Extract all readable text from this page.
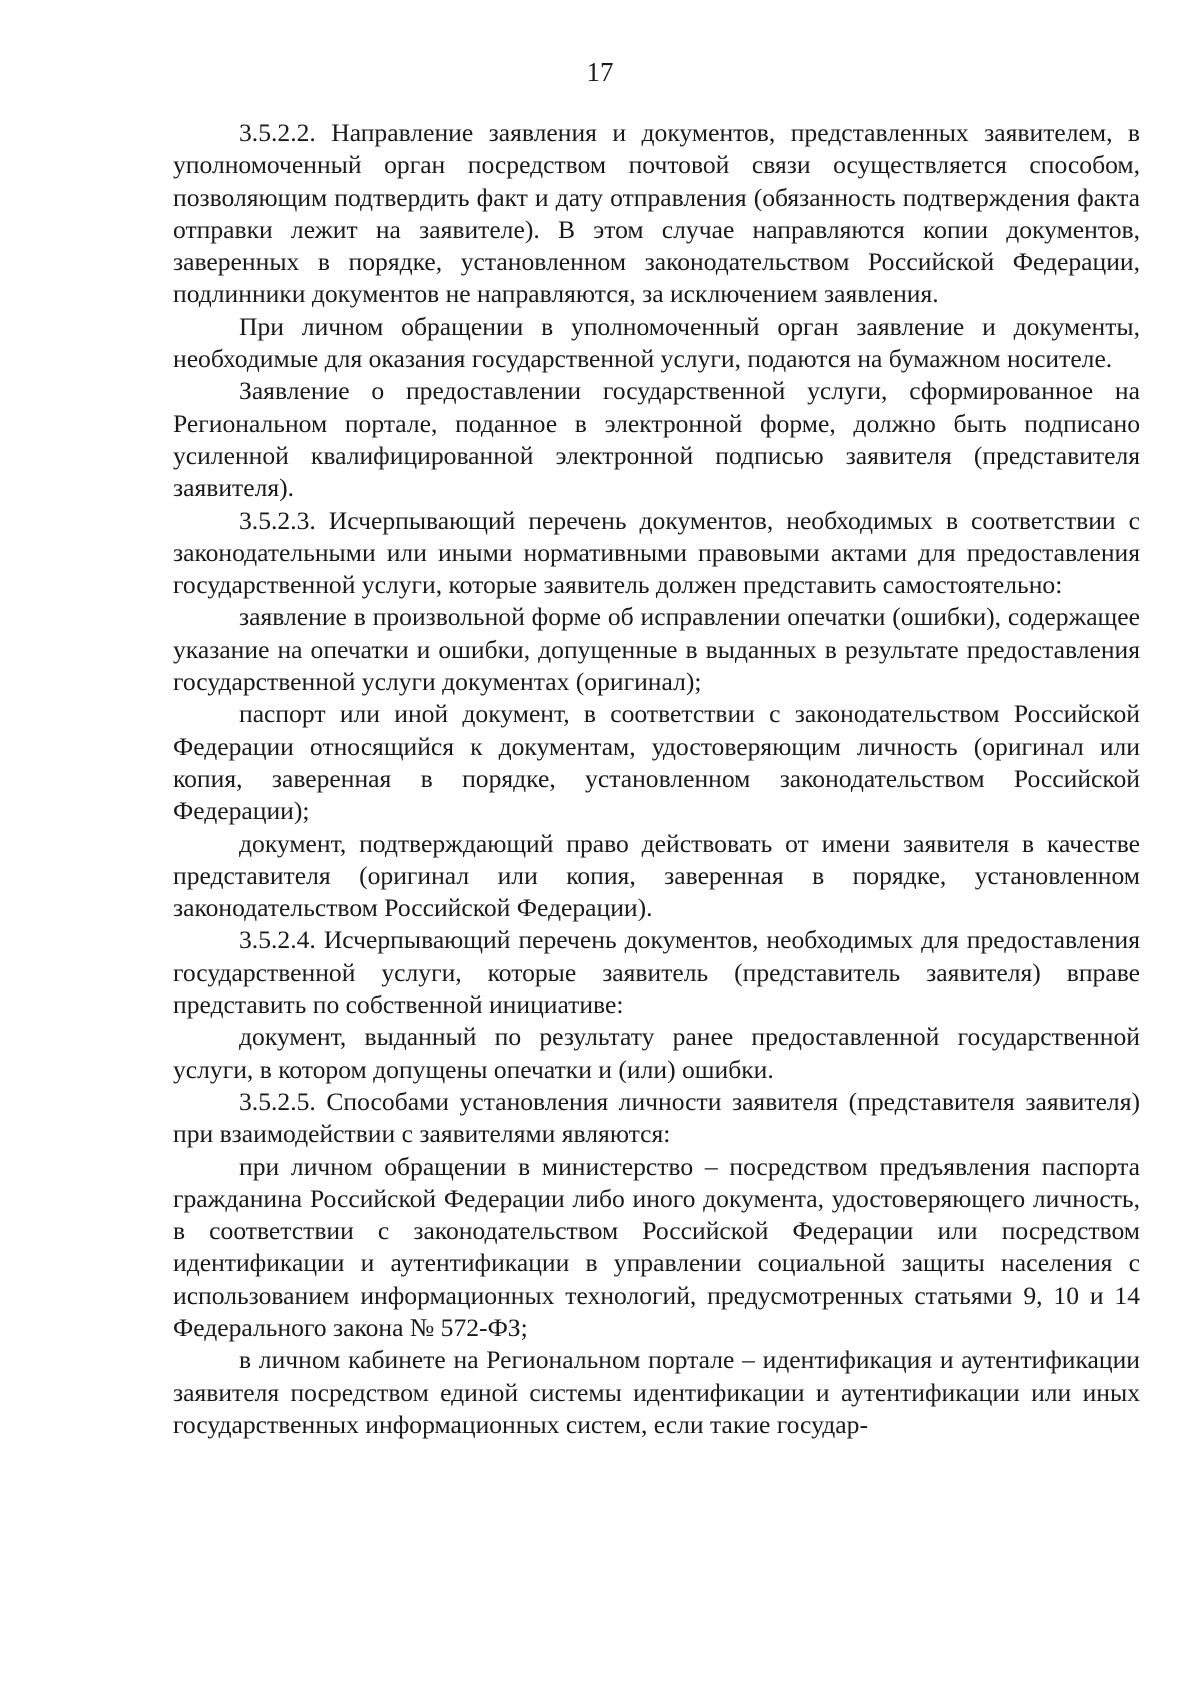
17

3.5.2.2. Направление заявления и документов, представленных заявителем, в уполномоченный орган посредством почтовой связи осуществляется способом, позволяющим подтвердить факт и дату отправления (обязанность подтверждения факта отправки лежит на заявителе). В этом случае направляются копии документов, заверенных в порядке, установленном законодательством Российской Федерации, подлинники документов не направляются, за исключением заявления.

При личном обращении в уполномоченный орган заявление и документы, необходимые для оказания государственной услуги, подаются на бумажном носителе.

Заявление о предоставлении государственной услуги, сформированное на Региональном портале, поданное в электронной форме, должно быть подписано усиленной квалифицированной электронной подписью заявителя (представителя заявителя).

3.5.2.3. Исчерпывающий перечень документов, необходимых в соответствии с законодательными или иными нормативными правовыми актами для предоставления государственной услуги, которые заявитель должен представить самостоятельно:

заявление в произвольной форме об исправлении опечатки (ошибки), содержащее указание на опечатки и ошибки, допущенные в выданных в результате предоставления государственной услуги документах (оригинал);

паспорт или иной документ, в соответствии с законодательством Российской Федерации относящийся к документам, удостоверяющим личность (оригинал или копия, заверенная в порядке, установленном законодательством Российской Федерации);

документ, подтверждающий право действовать от имени заявителя в качестве представителя (оригинал или копия, заверенная в порядке, установленном законодательством Российской Федерации).

3.5.2.4. Исчерпывающий перечень документов, необходимых для предоставления государственной услуги, которые заявитель (представитель заявителя) вправе представить по собственной инициативе:

документ, выданный по результату ранее предоставленной государственной услуги, в котором допущены опечатки и (или) ошибки.

3.5.2.5. Способами установления личности заявителя (представителя заявителя) при взаимодействии с заявителями являются:

при личном обращении в министерство – посредством предъявления паспорта гражданина Российской Федерации либо иного документа, удостоверяющего личность, в соответствии с законодательством Российской Федерации или посредством идентификации и аутентификации в управлении социальной защиты населения с использованием информационных технологий, предусмотренных статьями 9, 10 и 14 Федерального закона № 572-ФЗ;

в личном кабинете на Региональном портале – идентификация и аутентификации заявителя посредством единой системы идентификации и аутентификации или иных государственных информационных систем, если такие государ-
